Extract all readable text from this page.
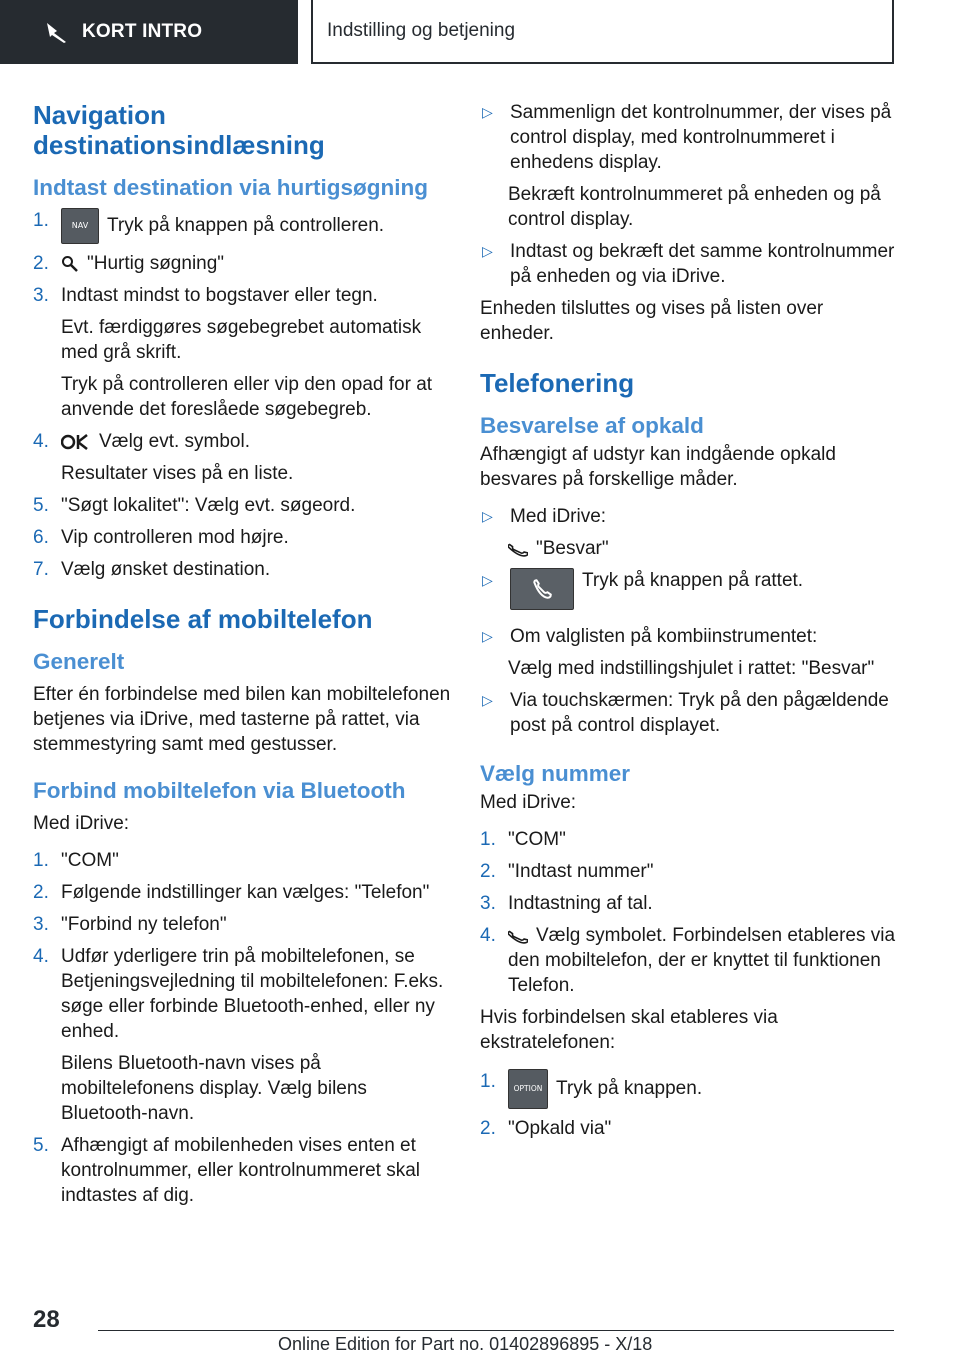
KORT INTRO	Indstilling og betjening
Navigation destinationsindlæsning
Indtast destination via hurtigsøgning
1.	NAV Tryk på knappen på controlleren.
2.	"Hurtig søgning"
3. Indtast mindst to bogstaver eller tegn.

Evt. færdiggøres søgebegrebet automatisk med grå skrift.

Tryk på controlleren eller vip den opad for at anvende det foreslåede søgebegreb.

4.	Vælg evt. symbol.

Resultater vises på en liste.

5. "Søgt lokalitet": Vælg evt. søgeord.
6. Vip controlleren mod højre.
7. Vælg ønsket destination.
Forbindelse af mobiltelefon
Generelt

Efter én forbindelse med bilen kan mobiltelefonen betjenes via iDrive, med tasterne på rattet, via stemmestyring samt med gestusser.

Forbind mobiltelefon via Bluetooth

Med iDrive:

1. "COM"
2. Følgende indstillinger kan vælges: "Telefon"
3. "Forbind ny telefon"
4. Udfør yderligere trin på mobiltelefonen, se Betjeningsvejledning til mobiltelefonen: F.eks. søge eller forbinde Bluetooth-enhed, eller ny enhed.

Bilens Bluetooth-navn vises på mobiltelefonens display. Vælg bilens Bluetooth-navn.

5. Afhængigt af mobilenheden vises enten et kontrolnummer, eller kontrolnummeret skal indtastes af dig.
▷ Sammenlign det kontrolnummer, der vises på control display, med kontrolnummeret i enhedens display.

Bekræft kontrolnummeret på enheden og på control display.

▷ Indtast og bekræft det samme kontrolnummer på enheden og via iDrive.

Enheden tilsluttes og vises på listen over enheder.

Telefonering
Besvarelse af opkald

Afhængigt af udstyr kan indgående opkald besvares på forskellige måder.

▷ Med iDrive:

"Besvar"

▷	Tryk på knappen på rattet.
▷ Om valglisten på kombiinstrumentet:

Vælg med indstillingshjulet i rattet: "Besvar"

▷ Via touchskærmen: Tryk på den pågældende post på control displayet.
Vælg nummer

Med iDrive:

1. "COM"
2. "Indtast nummer"
3. Indtastning af tal.
4.	Vælg symbolet. Forbindelsen etableres via den mobiltelefon, der er knyttet til funktionen Telefon.

Hvis forbindelsen skal etableres via ekstratelefonen:

1.	OPTION Tryk på knappen.
2. "Opkald via"
28
Online Edition for Part no. 01402896895 - X/18
